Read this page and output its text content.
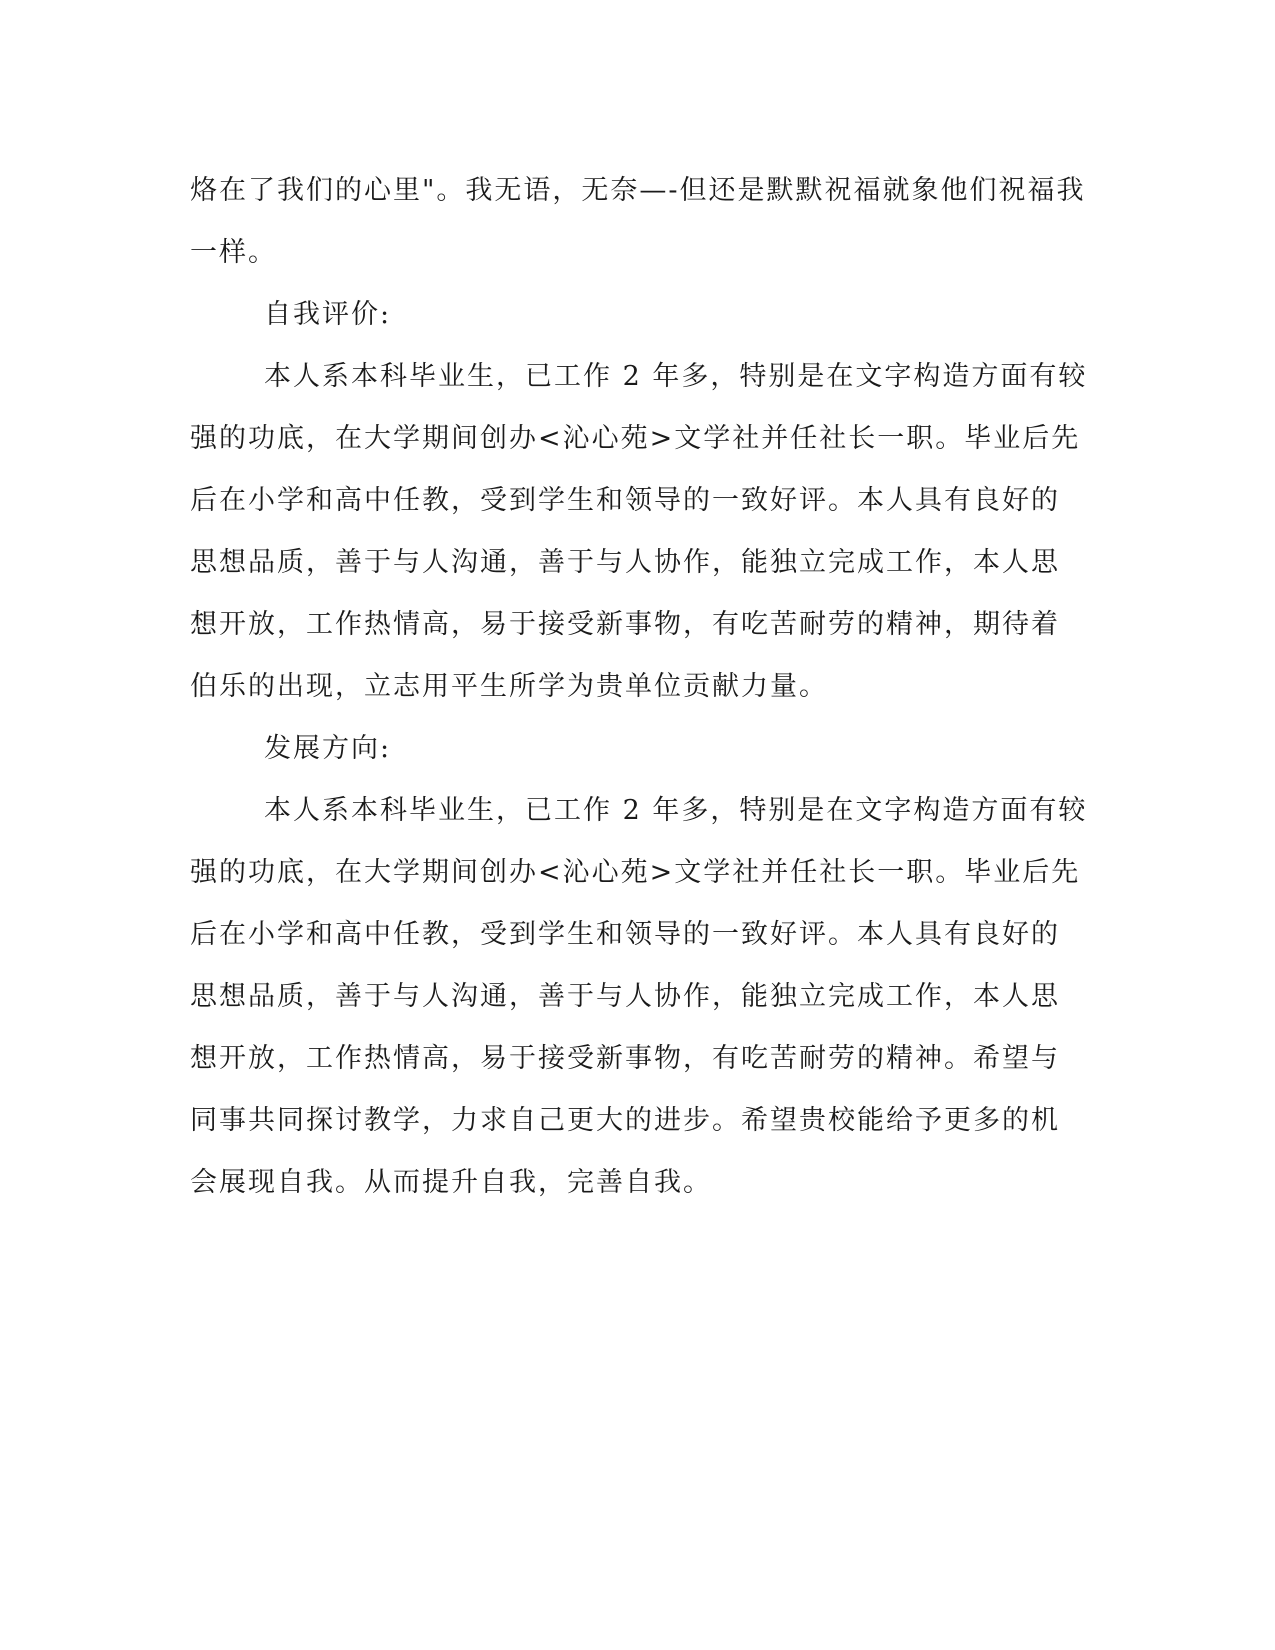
烙在了我们的心里"。我无语，无奈—-但还是默默祝福就象他们祝福我
一样。
自我评价:
本人系本科毕业生，已工作 2 年多，特别是在文字构造方面有较
强的功底，在大学期间创办<沁心苑>文学社并任社长一职。毕业后先
后在小学和高中任教，受到学生和领导的一致好评。本人具有良好的
思想品质，善于与人沟通，善于与人协作，能独立完成工作，本人思
想开放，工作热情高，易于接受新事物，有吃苦耐劳的精神，期待着
伯乐的出现，立志用平生所学为贵单位贡献力量。
发展方向:
本人系本科毕业生，已工作 2 年多，特别是在文字构造方面有较
强的功底，在大学期间创办<沁心苑>文学社并任社长一职。毕业后先
后在小学和高中任教，受到学生和领导的一致好评。本人具有良好的
思想品质，善于与人沟通，善于与人协作，能独立完成工作，本人思
想开放，工作热情高，易于接受新事物，有吃苦耐劳的精神。希望与
同事共同探讨教学，力求自己更大的进步。希望贵校能给予更多的机
会展现自我。从而提升自我，完善自我。
